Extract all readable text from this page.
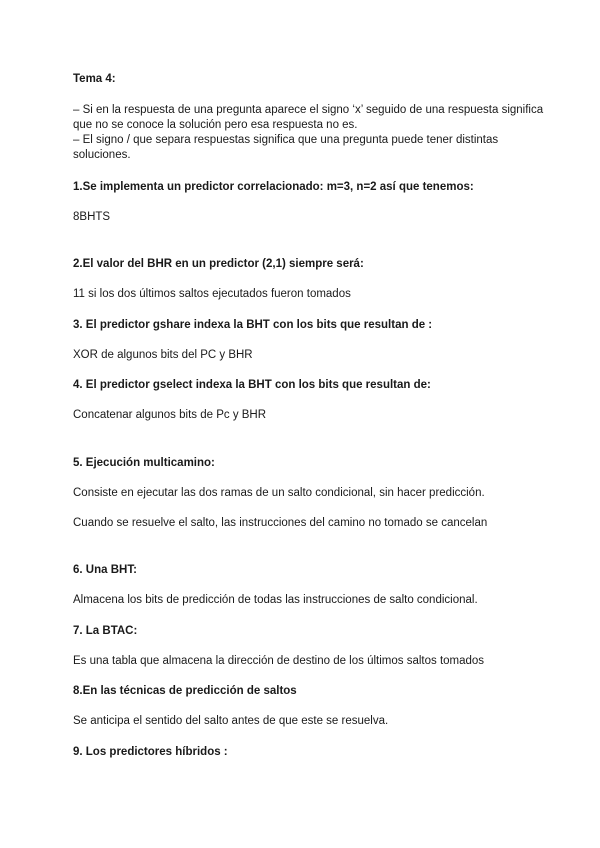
Tema 4:
– Si en la respuesta de una pregunta aparece el signo ‘x’ seguido de una respuesta significa
que no se conoce la solución pero esa respuesta no es.
– El signo / que separa respuestas significa que una pregunta puede tener distintas
soluciones.
1.Se implementa un predictor correlacionado: m=3, n=2 así que tenemos:
8BHTS
2.El valor del BHR en un predictor (2,1) siempre será:
11 si los dos últimos saltos ejecutados fueron tomados
3. El predictor gshare indexa la BHT con los bits que resultan de :
XOR de algunos bits del PC y BHR
4. El predictor gselect indexa la BHT con los bits que resultan de:
Concatenar algunos bits de Pc y BHR
5. Ejecución multicamino:
Consiste en ejecutar las dos ramas de un salto condicional, sin hacer predicción.
Cuando se resuelve el salto, las instrucciones del camino no tomado se cancelan
6. Una BHT:
Almacena los bits de predicción de todas las instrucciones de salto condicional.
7. La BTAC:
Es una tabla que almacena la dirección de destino de los últimos saltos tomados
8.En las técnicas de predicción de saltos
Se anticipa el sentido del salto antes de que este se resuelva.
9. Los predictores híbridos :
